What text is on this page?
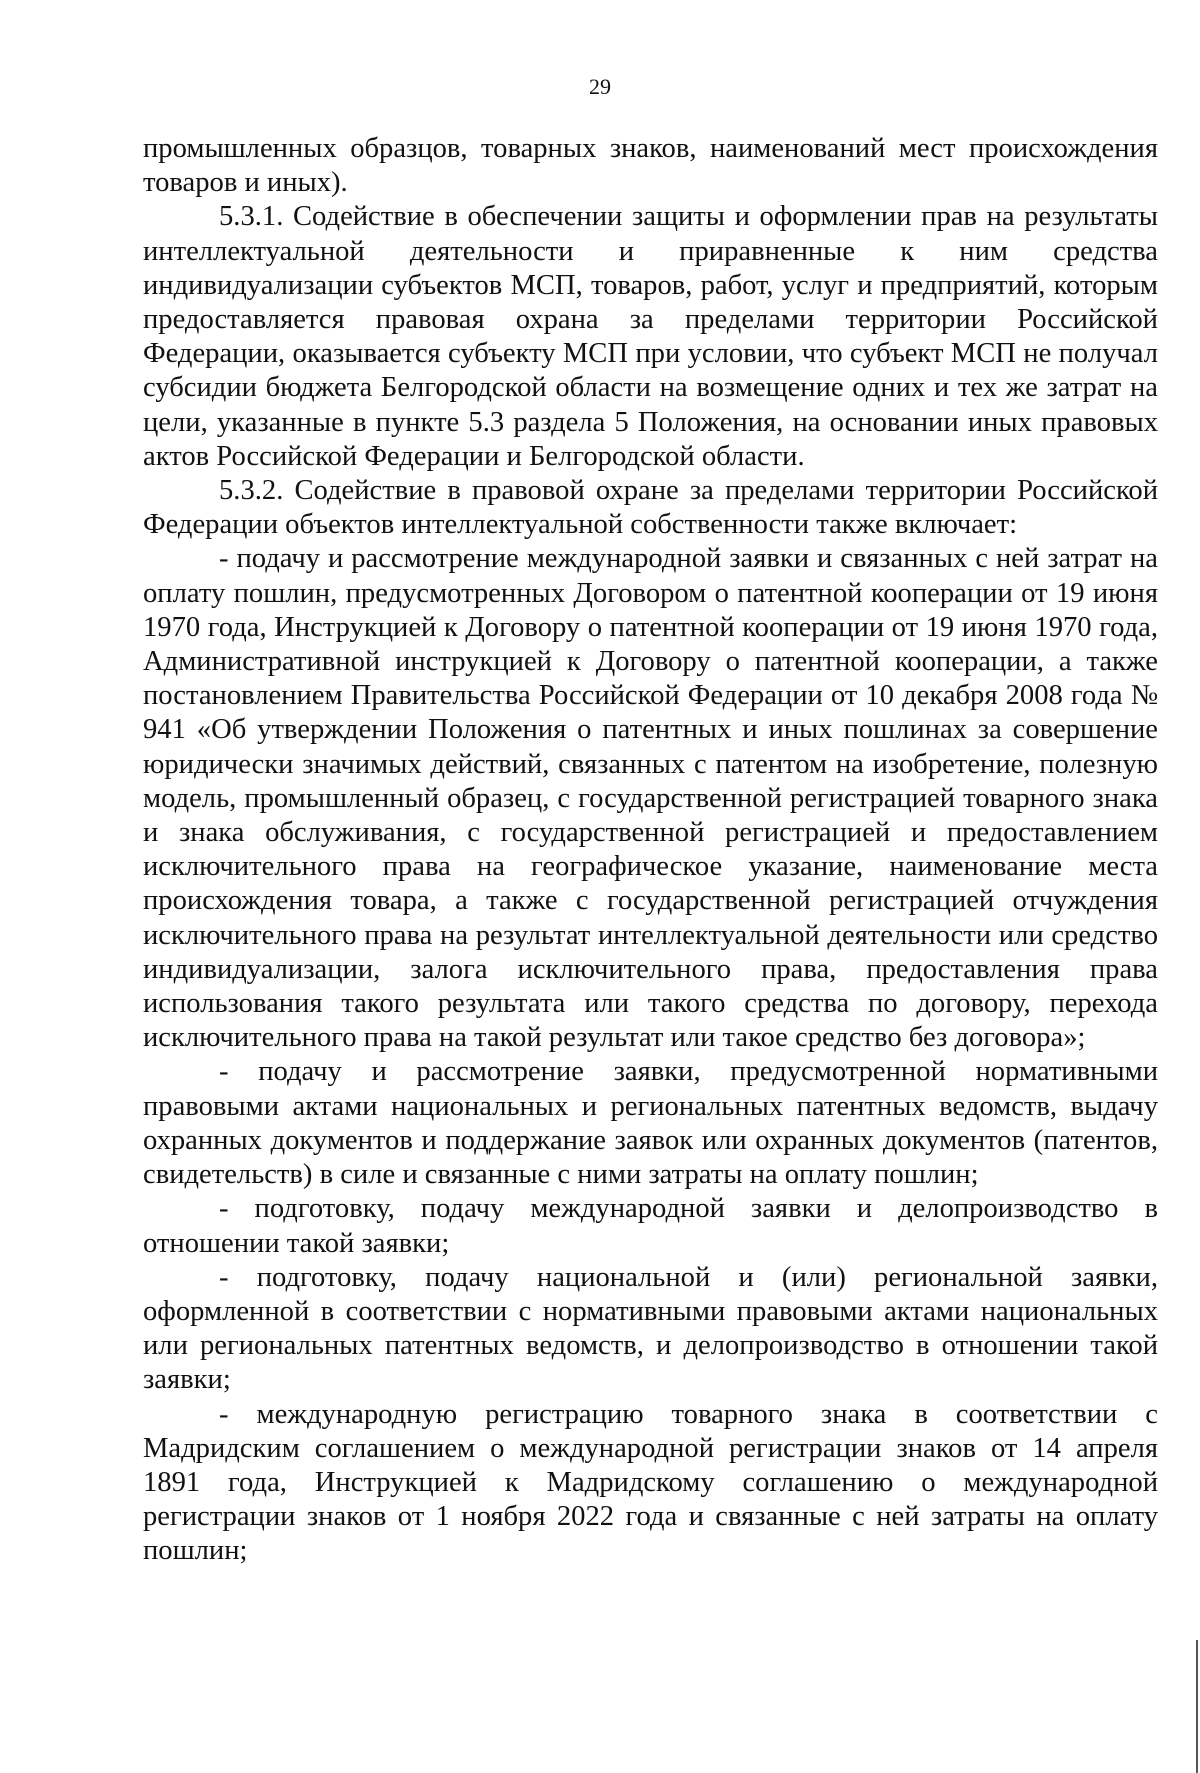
29

промышленных образцов, товарных знаков, наименований мест происхождения товаров и иных).

5.3.1. Содействие в обеспечении защиты и оформлении прав на результаты интеллектуальной деятельности и приравненные к ним средства индивидуализации субъектов МСП, товаров, работ, услуг и предприятий, которым предоставляется правовая охрана за пределами территории Российской Федерации, оказывается субъекту МСП при условии, что субъект МСП не получал субсидии бюджета Белгородской области на возмещение одних и тех же затрат на цели, указанные в пункте 5.3 раздела 5 Положения, на основании иных правовых актов Российской Федерации и Белгородской области.

5.3.2. Содействие в правовой охране за пределами территории Российской Федерации объектов интеллектуальной собственности также включает:

- подачу и рассмотрение международной заявки и связанных с ней затрат на оплату пошлин, предусмотренных Договором о патентной кооперации от 19 июня 1970 года, Инструкцией к Договору о патентной кооперации от 19 июня 1970 года, Административной инструкцией к Договору о патентной кооперации, а также постановлением Правительства Российской Федерации от 10 декабря 2008 года № 941 «Об утверждении Положения о патентных и иных пошлинах за совершение юридически значимых действий, связанных с патентом на изобретение, полезную модель, промышленный образец, с государственной регистрацией товарного знака и знака обслуживания, с государственной регистрацией и предоставлением исключительного права на географическое указание, наименование места происхождения товара, а также с государственной регистрацией отчуждения исключительного права на результат интеллектуальной деятельности или средство индивидуализации, залога исключительного права, предоставления права использования такого результата или такого средства по договору, перехода исключительного права на такой результат или такое средство без договора»;

- подачу и рассмотрение заявки, предусмотренной нормативными правовыми актами национальных и региональных патентных ведомств, выдачу охранных документов и поддержание заявок или охранных документов (патентов, свидетельств) в силе и связанные с ними затраты на оплату пошлин;

- подготовку, подачу международной заявки и делопроизводство в отношении такой заявки;

- подготовку, подачу национальной и (или) региональной заявки, оформленной в соответствии с нормативными правовыми актами национальных или региональных патентных ведомств, и делопроизводство в отношении такой заявки;

- международную регистрацию товарного знака в соответствии с Мадридским соглашением о международной регистрации знаков от 14 апреля 1891 года, Инструкцией к Мадридскому соглашению о международной регистрации знаков от 1 ноября 2022 года и связанные с ней затраты на оплату пошлин;
